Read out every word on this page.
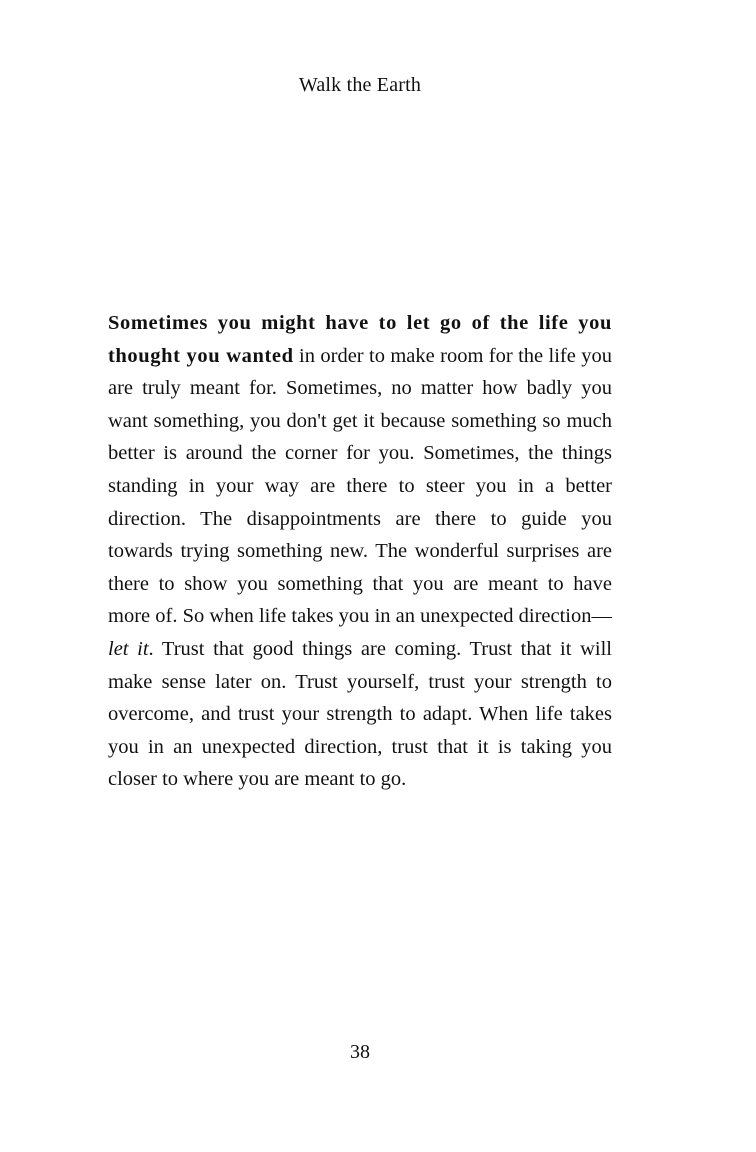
Walk the Earth

Sometimes you might have to let go of the life you thought you wanted in order to make room for the life you are truly meant for. Sometimes, no matter how badly you want something, you don't get it because something so much better is around the corner for you. Sometimes, the things standing in your way are there to steer you in a better direction. The disappointments are there to guide you towards trying something new. The wonderful surprises are there to show you something that you are meant to have more of. So when life takes you in an unexpected direction— let it. Trust that good things are coming. Trust that it will make sense later on. Trust yourself, trust your strength to overcome, and trust your strength to adapt. When life takes you in an unexpected direction, trust that it is taking you closer to where you are meant to go.

38
